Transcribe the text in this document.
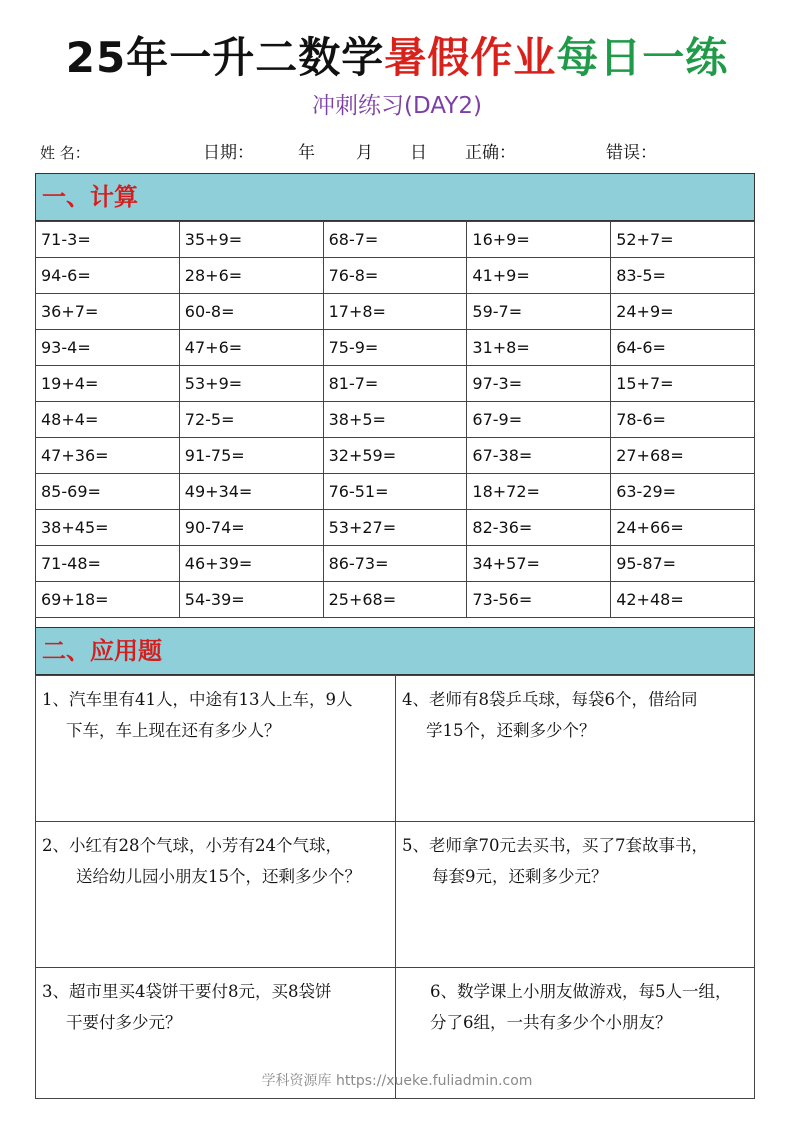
25年一升二数学暑假作业每日一练
冲刺练习(DAY2)
姓 名：	日期：	年 月 日 正确：	错误：
一、计算
71-3=	35+9=	68-7=	16+9=	52+7=
94-6=	28+6=	76-8=	41+9=	83-5=
36+7=	60-8=	17+8=	59-7=	24+9=
93-4=	47+6=	75-9=	31+8=	64-6=
19+4=	53+9=	81-7=	97-3=	15+7=
48+4=	72-5=	38+5=	67-9=	78-6=
47+36=	91-75=	32+59=	67-38=	27+68=
85-69=	49+34=	76-51=	18+72=	63-29=
38+45=	90-74=	53+27=	82-36=	24+66=
71-48=	46+39=	86-73=	34+57=	95-87=
69+18=	54-39=	25+68=	73-56=	42+48=
二、应用题
1、汽车里有41人，中途有13人上车，9人
下车，车上现在还有多少人？
4、老师有8袋乒乓球，每袋6个，借给同
学15个，还剩多少个？
2、小红有28个气球，小芳有24个气球，
送给幼儿园小朋友15个，还剩多少个？
5、老师拿70元去买书，买了7套故事书，
每套9元，还剩多少元？
3、超市里买4袋饼干要付8元，买8袋饼
干要付多少元？
6、数学课上小朋友做游戏，每5人一组，
分了6组，一共有多少个小朋友？
学科资源库 https://xueke.fuliadmin.com
